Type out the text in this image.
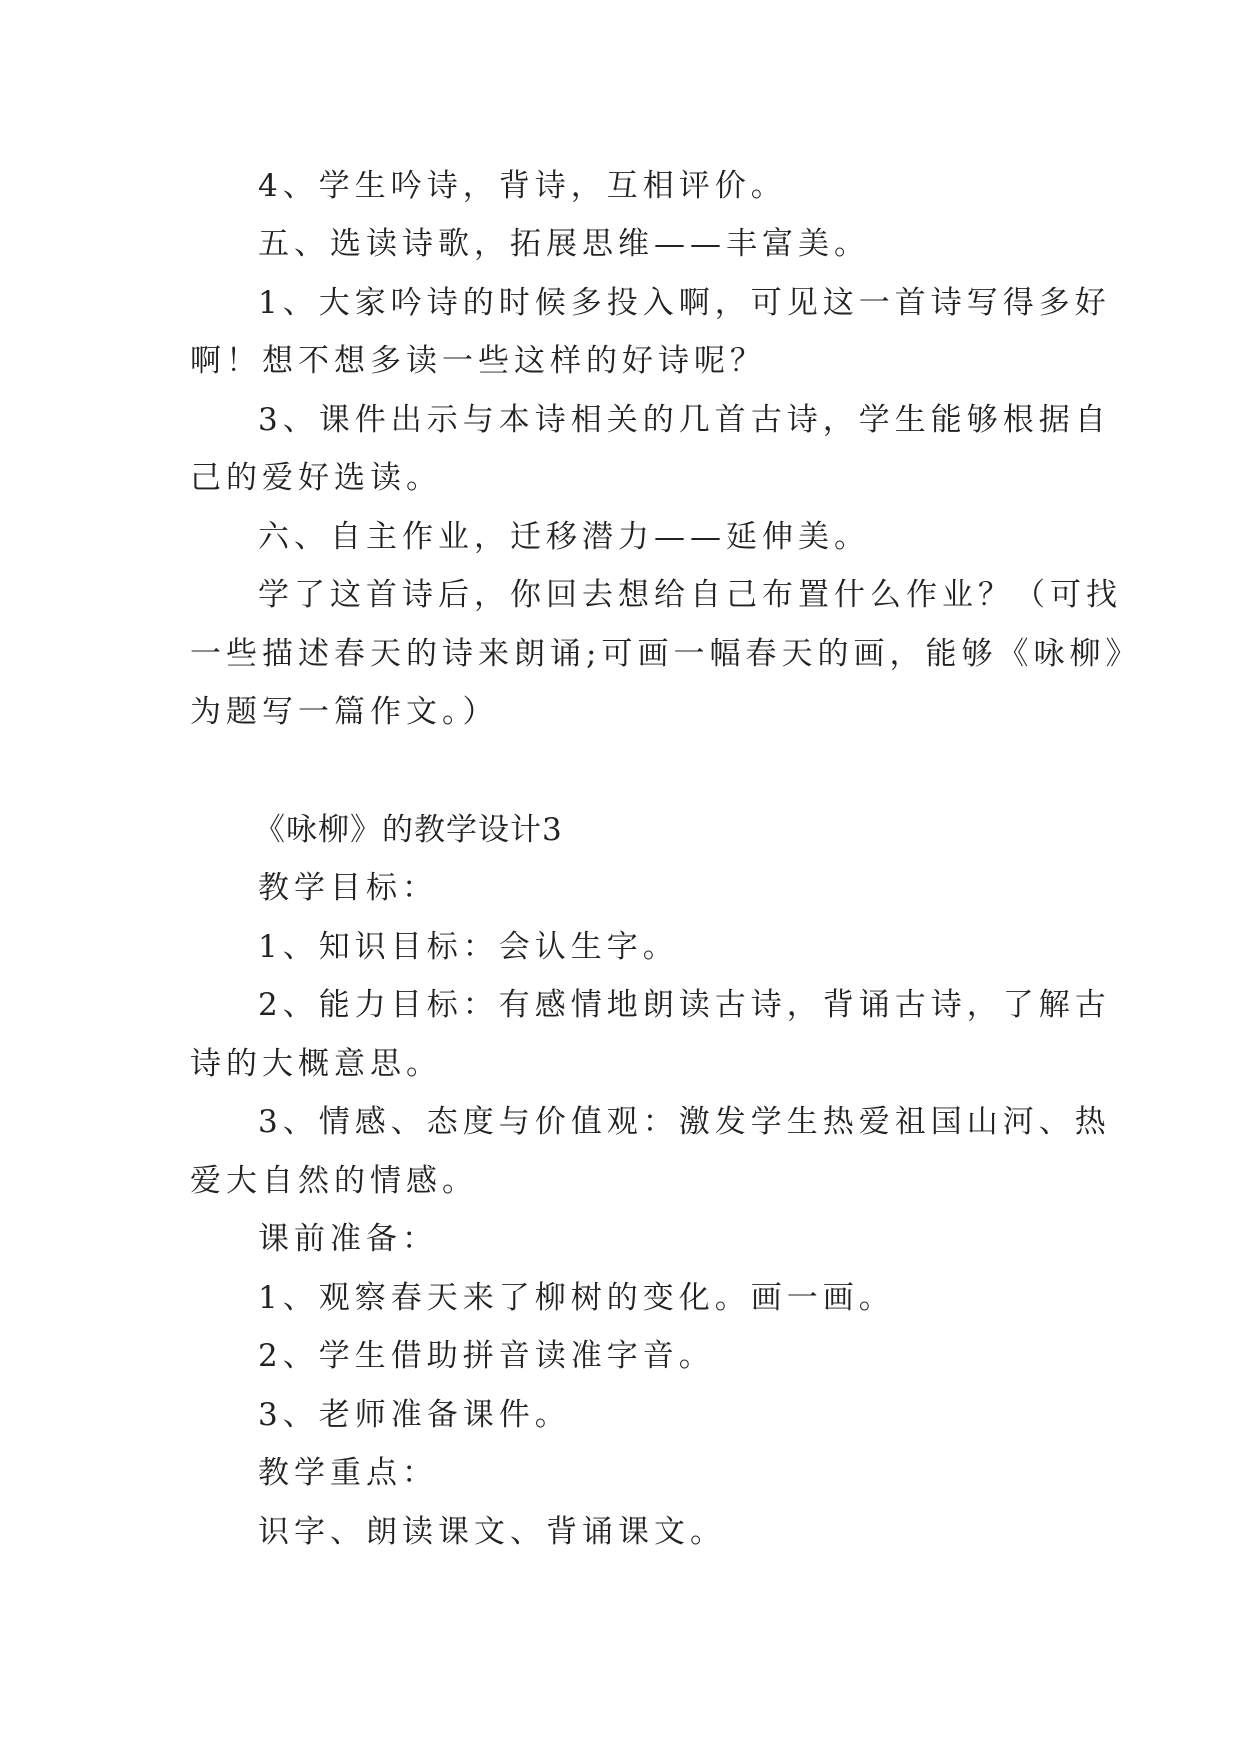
4、学生吟诗，背诗，互相评价。
五、选读诗歌，拓展思维——丰富美。
1、大家吟诗的时候多投入啊，可见这一首诗写得多好
啊！想不想多读一些这样的好诗呢？
3、课件出示与本诗相关的几首古诗，学生能够根据自
己的爱好选读。
六、自主作业，迁移潜力——延伸美。
学了这首诗后，你回去想给自己布置什么作业？（可找
一些描述春天的诗来朗诵;可画一幅春天的画，能够《咏柳》
为题写一篇作文。）
《咏柳》的教学设计3
教学目标：
1、知识目标：会认生字。
2、能力目标：有感情地朗读古诗，背诵古诗，了解古
诗的大概意思。
3、情感、态度与价值观：激发学生热爱祖国山河、热
爱大自然的情感。
课前准备：
1、观察春天来了柳树的变化。画一画。
2、学生借助拼音读准字音。
3、老师准备课件。
教学重点：
识字、朗读课文、背诵课文。
